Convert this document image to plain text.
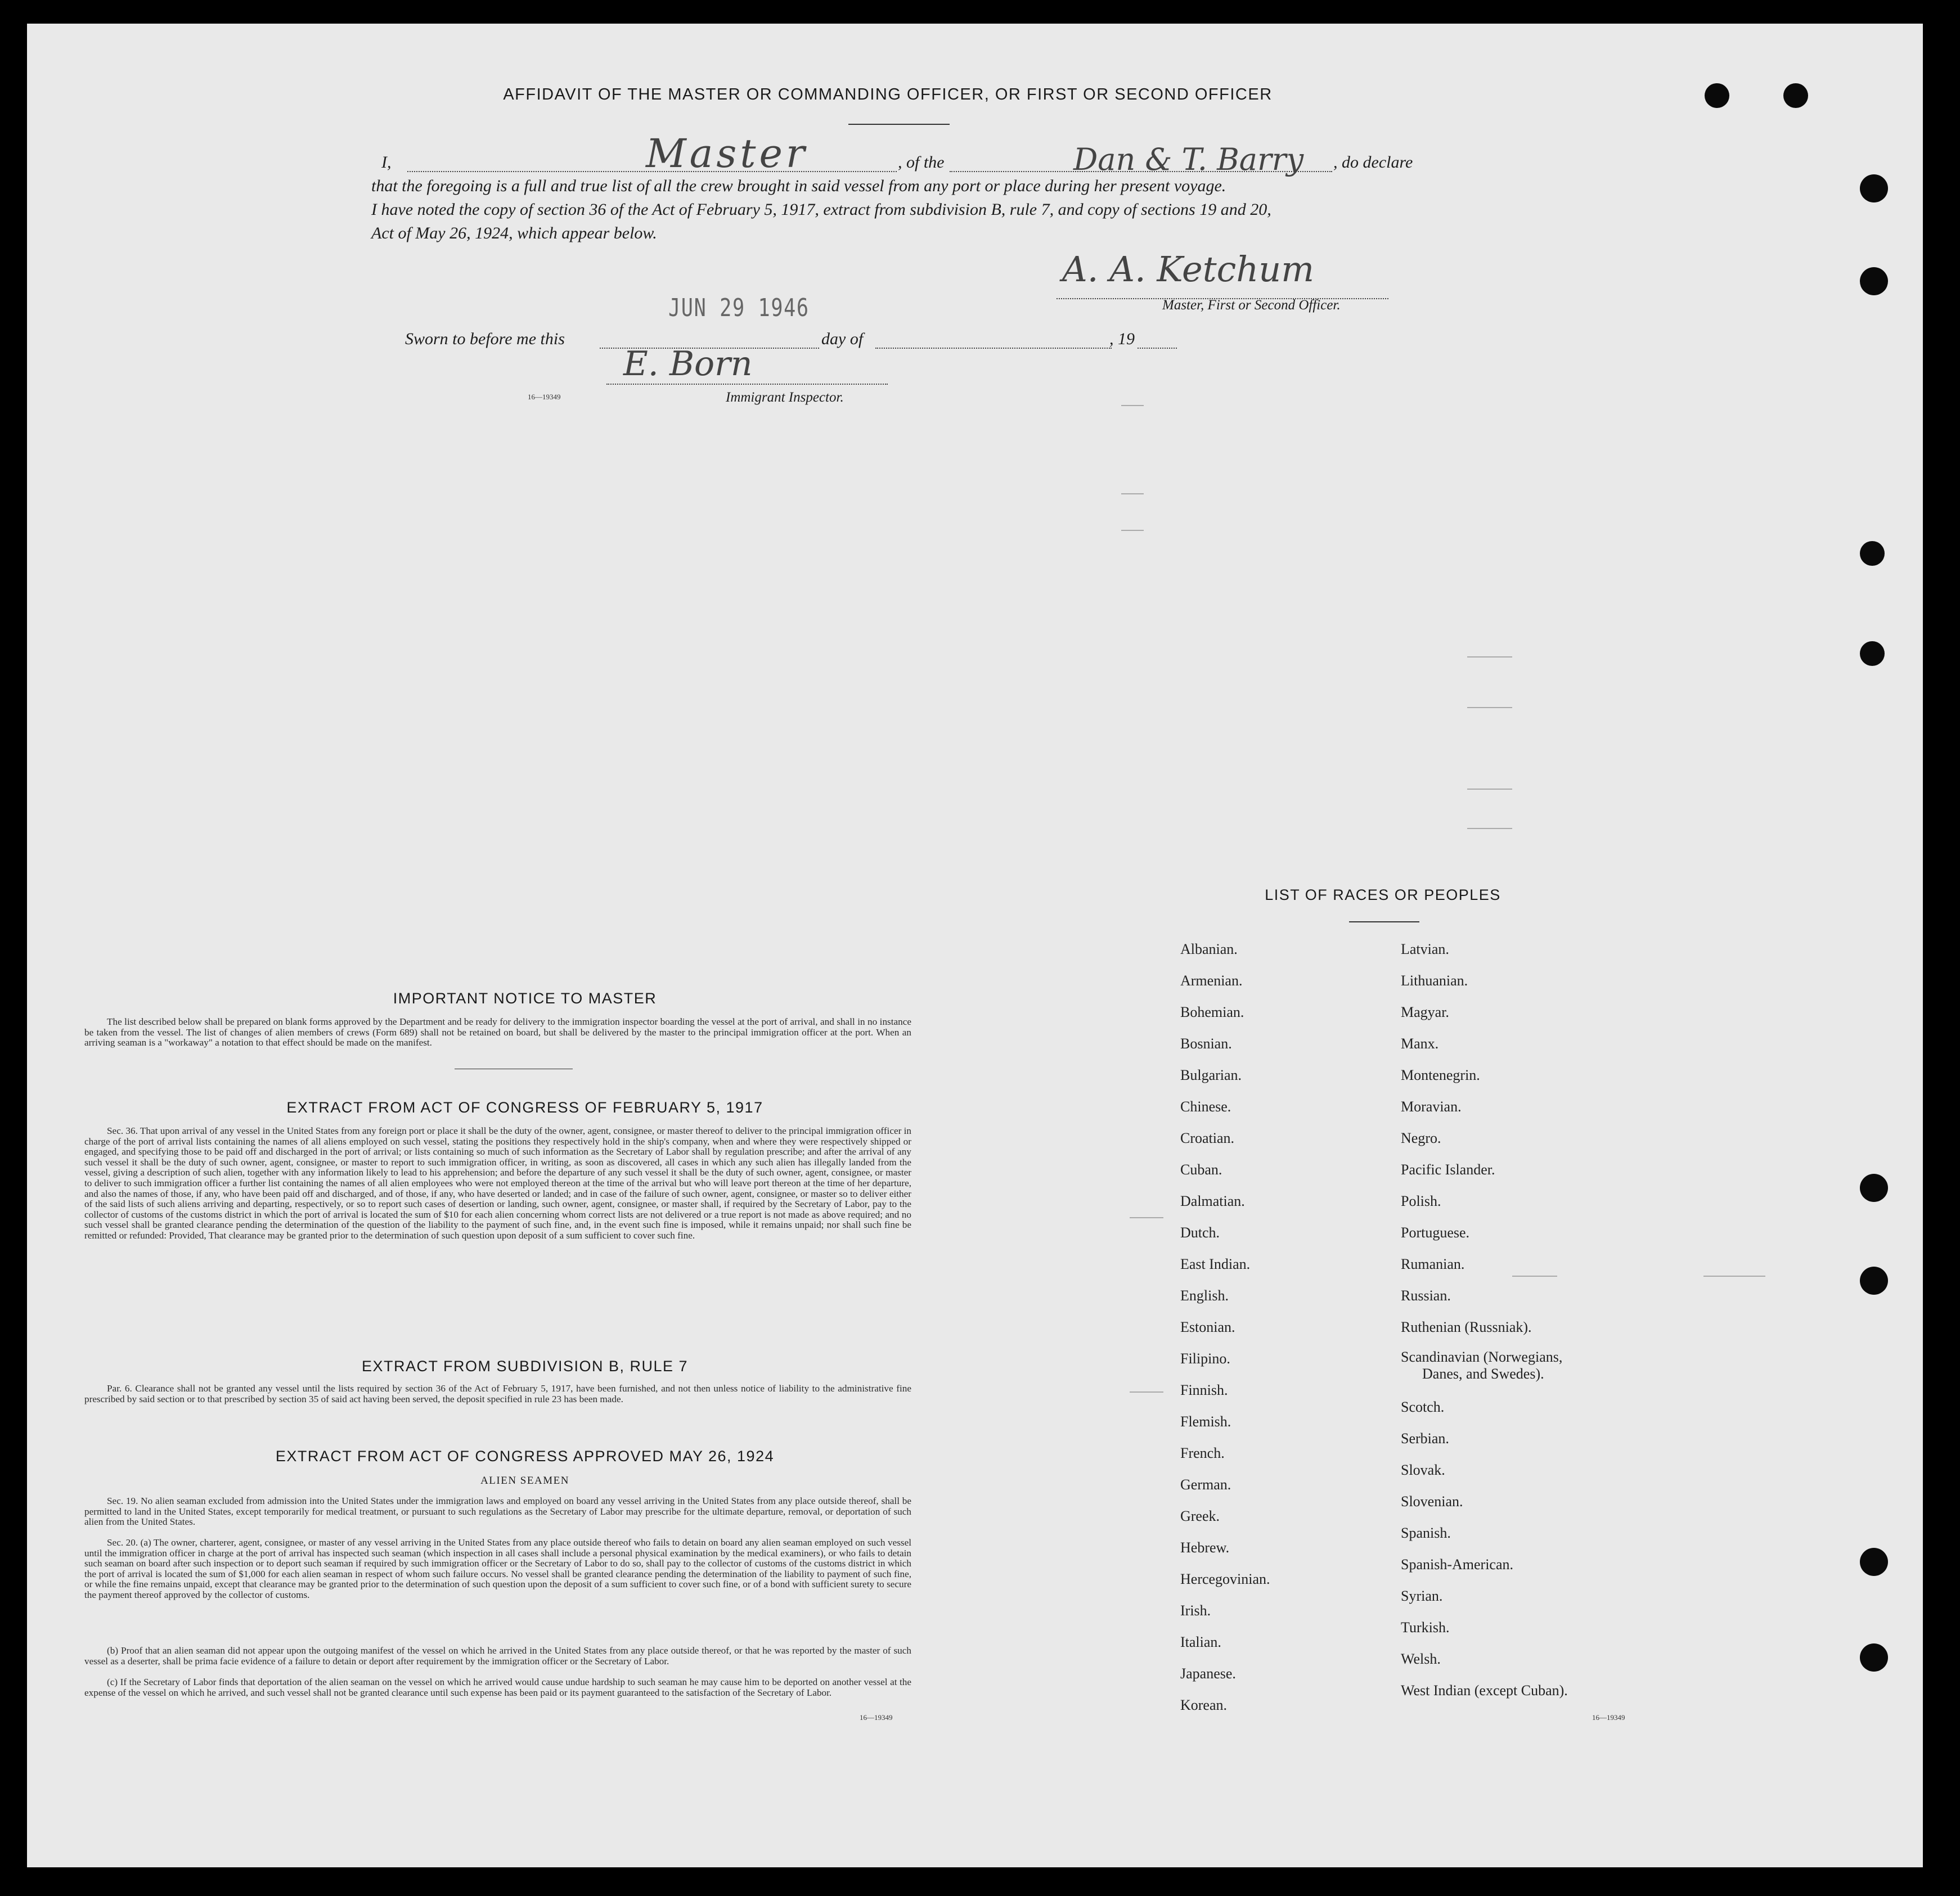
AFFIDAVIT OF THE MASTER OR COMMANDING OFFICER, OR FIRST OR SECOND OFFICER
I,	Master	, of the	Dan & T. Barry , do declare
that the foregoing is a full and true list of all the crew brought in said vessel from any port or place during her present voyage.
I have noted the copy of section 36 of the Act of February 5, 1917, extract from subdivision B, rule 7, and copy of sections 19 and 20,
Act of May 26, 1924, which appear below.
A. A. Ketchum
Master, First or Second Officer.
JUN 29 1946
Sworn to before me this	day of	, 19
E. Born
Immigrant Inspector.
16—19349
IMPORTANT NOTICE TO MASTER
The list described below shall be prepared on blank forms approved by the Department and be ready for delivery to the immigration inspector boarding the vessel at the port of arrival, and shall in no instance be taken from the vessel. The list of changes of alien members of crews (Form 689) shall not be retained on board, but shall be delivered by the master to the principal immigration officer at the port. When an arriving seaman is a "workaway" a notation to that effect should be made on the manifest.
EXTRACT FROM ACT OF CONGRESS OF FEBRUARY 5, 1917
Sec. 36. That upon arrival of any vessel in the United States from any foreign port or place it shall be the duty of the owner, agent, consignee, or master thereof to deliver to the principal immigration officer in charge of the port of arrival lists containing the names of all aliens employed on such vessel, stating the positions they respectively hold in the ship's company, when and where they were respectively shipped or engaged, and specifying those to be paid off and discharged in the port of arrival; or lists containing so much of such information as the Secretary of Labor shall by regulation prescribe; and after the arrival of any such vessel it shall be the duty of such owner, agent, consignee, or master to report to such immigration officer, in writing, as soon as discovered, all cases in which any such alien has illegally landed from the vessel, giving a description of such alien, together with any information likely to lead to his apprehension; and before the departure of any such vessel it shall be the duty of such owner, agent, consignee, or master to deliver to such immigration officer a further list containing the names of all alien employees who were not employed thereon at the time of the arrival but who will leave port thereon at the time of her departure, and also the names of those, if any, who have been paid off and discharged, and of those, if any, who have deserted or landed; and in case of the failure of such owner, agent, consignee, or master so to deliver either of the said lists of such aliens arriving and departing, respectively, or so to report such cases of desertion or landing, such owner, agent, consignee, or master shall, if required by the Secretary of Labor, pay to the collector of customs of the customs district in which the port of arrival is located the sum of $10 for each alien concerning whom correct lists are not delivered or a true report is not made as above required; and no such vessel shall be granted clearance pending the determination of the question of the liability to the payment of such fine, and, in the event such fine is imposed, while it remains unpaid; nor shall such fine be remitted or refunded: Provided, That clearance may be granted prior to the determination of such question upon deposit of a sum sufficient to cover such fine.
EXTRACT FROM SUBDIVISION B, RULE 7
Par. 6. Clearance shall not be granted any vessel until the lists required by section 36 of the Act of February 5, 1917, have been furnished, and not then unless notice of liability to the administrative fine prescribed by said section or to that prescribed by section 35 of said act having been served, the deposit specified in rule 23 has been made.
EXTRACT FROM ACT OF CONGRESS APPROVED MAY 26, 1924
ALIEN SEAMEN
Sec. 19. No alien seaman excluded from admission into the United States under the immigration laws and employed on board any vessel arriving in the United States from any place outside thereof, shall be permitted to land in the United States, except temporarily for medical treatment, or pursuant to such regulations as the Secretary of Labor may prescribe for the ultimate departure, removal, or deportation of such alien from the United States.
Sec. 20. (a) The owner, charterer, agent, consignee, or master of any vessel arriving in the United States from any place outside thereof who fails to detain on board any alien seaman employed on such vessel until the immigration officer in charge at the port of arrival has inspected such seaman (which inspection in all cases shall include a personal physical examination by the medical examiners), or who fails to detain such seaman on board after such inspection or to deport such seaman if required by such immigration officer or the Secretary of Labor to do so, shall pay to the collector of customs of the customs district in which the port of arrival is located the sum of $1,000 for each alien seaman in respect of whom such failure occurs. No vessel shall be granted clearance pending the determination of the liability to payment of such fine, or while the fine remains unpaid, except that clearance may be granted prior to the determination of such question upon the deposit of a sum sufficient to cover such fine, or of a bond with sufficient surety to secure the payment thereof approved by the collector of customs.
(b) Proof that an alien seaman did not appear upon the outgoing manifest of the vessel on which he arrived in the United States from any place outside thereof, or that he was reported by the master of such vessel as a deserter, shall be prima facie evidence of a failure to detain or deport after requirement by the immigration officer or the Secretary of Labor.
(c) If the Secretary of Labor finds that deportation of the alien seaman on the vessel on which he arrived would cause undue hardship to such seaman he may cause him to be deported on another vessel at the expense of the vessel on which he arrived, and such vessel shall not be granted clearance until such expense has been paid or its payment guaranteed to the satisfaction of the Secretary of Labor.
16—19349
LIST OF RACES OR PEOPLES
Albanian.
Armenian.
Bohemian.
Bosnian.
Bulgarian.
Chinese.
Croatian.
Cuban.
Dalmatian.
Dutch.
East Indian.
English.
Estonian.
Filipino.
Finnish.
Flemish.
French.
German.
Greek.
Hebrew.
Hercegovinian.
Irish.
Italian.
Japanese.
Korean.
Latvian.
Lithuanian.
Magyar.
Manx.
Montenegrin.
Moravian.
Negro.
Pacific Islander.
Polish.
Portuguese.
Rumanian.
Russian.
Ruthenian (Russniak).
Scandinavian (Norwegians,
Danes, and Swedes).
Scotch.
Serbian.
Slovak.
Slovenian.
Spanish.
Spanish-American.
Syrian.
Turkish.
Welsh.
West Indian (except Cuban).
16—19349
